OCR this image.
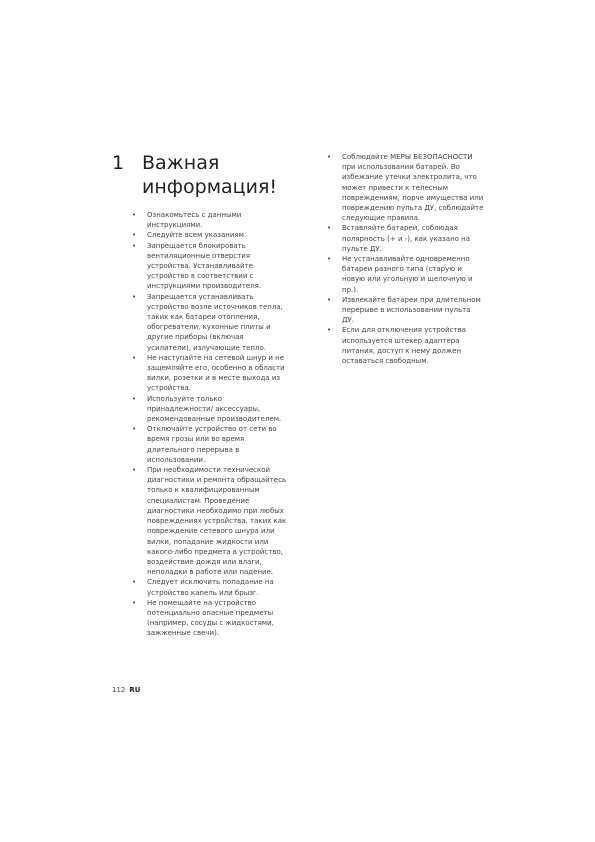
1 Важная информация!
• Ознакомьтесь с данными инструкциями.
• Следуйте всем указаниям.
• Запрещается блокировать вентиляционные отверстия устройства. Устанавливайте устройство в соответствии с инструкциями производителя.
• Запрещается устанавливать устройство возле источников тепла, таких как батареи отопления, обогреватели, кухонные плиты и другие приборы (включая усилители), излучающие тепло.
• Не наступайте на сетевой шнур и не защемляйте его, особенно в области вилки, розетки и в месте выхода из устройства.
• Используйте только принадлежности/ аксессуары, рекомендованные производителем.
• Отключайте устройство от сети во время грозы или во время длительного перерыва в использовании.
• При необходимости технической диагностики и ремонта обращайтесь только к квалифицированным специалистам. Проведение диагностики необходимо при любых повреждениях устройства, таких как повреждение сетевого шнура или вилки, попадание жидкости или какого-либо предмета в устройство, воздействие дождя или влаги, неполадки в работе или падение.
• Следует исключить попадание на устройство капель или брызг.
• Не помещайте на устройство потенциально опасные предметы (например, сосуды с жидкостями, зажженные свечи).
• Соблюдайте МЕРЫ БЕЗОПАСНОСТИ при использовании батарей. Во избежание утечки электролита, что может привести к телесным повреждениям, порче имущества или повреждению пульта ДУ, соблюдайте следующие правила.
• Вставляйте батареи, соблюдая полярность (+ и -), как указано на пульте ДУ.
• Не устанавливайте одновременно батареи разного типа (старую и новую или угольную и щелочную и пр.).
• Извлекайте батареи при длительном перерыве в использовании пульта ДУ.
• Если для отключения устройства используется штекер адаптера питания, доступ к нему должен оставаться свободным.
112 RU
